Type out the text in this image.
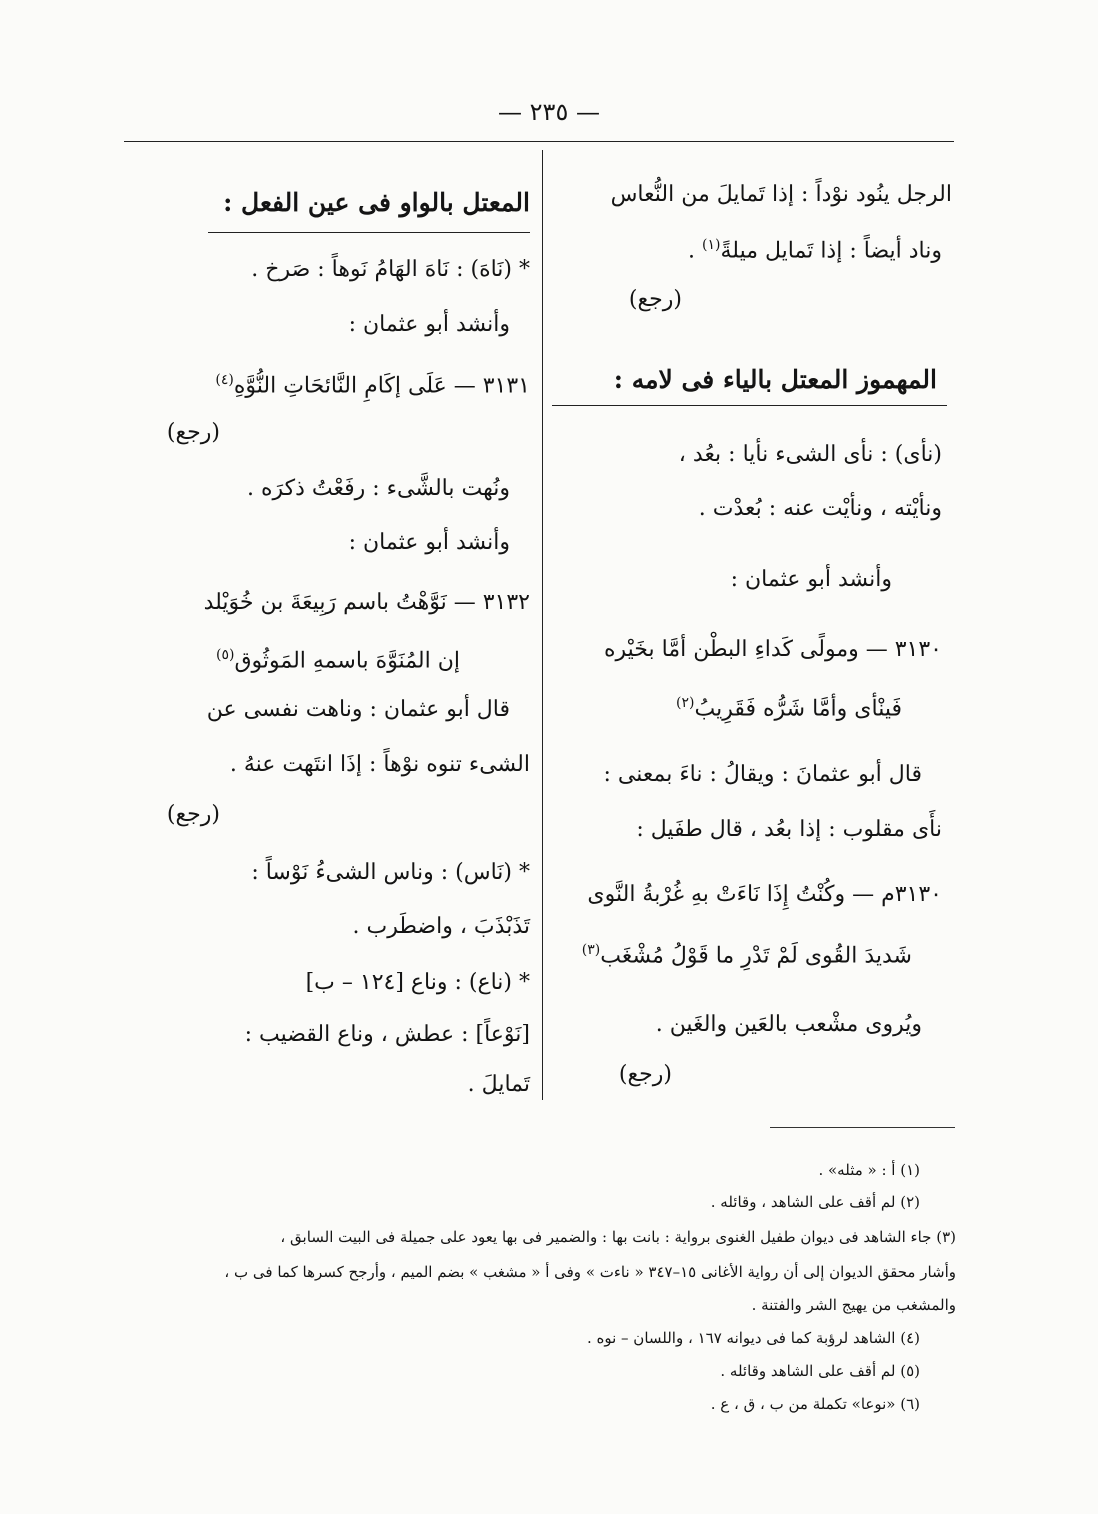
— ٢٣٥ —
الرجل ينُود نوْداً : إذا تَمايلَ من النُّعاس
وناد أيضاً : إذا تَمايل ميلةً$^{(١)}$ .
(رجع)
المهموز المعتل بالياء فى لامه :
(نأى) : نأى الشىء نأيا : بعُد ،
ونأيْته ، ونأيْت عنه : بُعدْت .
وأنشد أبو عثمان :
٣١٣٠ — ومولًى كَداءِ البطْن أمَّا بخَيْره
فَينْأى وأمَّا شَرُّه فَقَرِيبُ$^{(٢)}$
قال أبو عثمانَ : ويقالُ : ناءَ بمعنى :
نأَى مقلوب : إذا بعُد ، قال طفَيل :
٣١٣٠م — وكُنْتُ إِذَا نَاءَتْ بهِ غُرْبةُ النَّوى
شَديدَ القُوى لَمْ تَدْرِ ما قَوْلُ مُشْغَب$^{(٣)}$
ويُروى مشْعب بالعَين والغَين .
(رجع)
المعتل بالواو فى عين الفعل :
* (نَاهَ) : نَاهَ الهَامُ نَوهاً : صَرخ .
وأنشد أبو عثمان :
٣١٣١ — عَلَى إكَامِ النَّائحَاتِ النُّوَّهِ$^{(٤)}$
(رجع)
ونُهت بالشَّىء : رفَعْتُ ذكرَه .
وأنشد أبو عثمان :
٣١٣٢ — نَوَّهْتُ باسم رَبِيعَةَ بن خُوَيْلد
إن المُنَوَّهَ باسمهِ المَوثُوق$^{(٥)}$
قال أبو عثمان : وناهت نفسى عن
الشىء تنوه نوْهاً : إذَا انتَهت عنهُ .
(رجع)
* (نَاس) : وناس الشىءُ نَوْساً :
تَذَبْذَبَ ، واضطَرب .
* (ناع) : وناع [١٢٤ – ب]
[نَوْعاً] : عطش ، وناع القضيب :
تَمايلَ .
(١) أ : « مثله» .
(٢) لم أقف على الشاهد ، وقائله .
(٣) جاء الشاهد فى ديوان طفيل الغنوى برواية : بانت بها : والضمير فى بها يعود على جميلة فى البيت السابق ،
وأشار محقق الديوان إلى أن رواية الأغانى ١٥–٣٤٧ « ناءت » وفى أ « مشغب » بضم الميم ، وأرجح كسرها كما فى ب ،
والمشغب من يهيج الشر والفتنة .
(٤) الشاهد لرؤبة كما فى ديوانه ١٦٧ ، واللسان – نوه .
(٥) لم أقف على الشاهد وقائله .
(٦) «نوعا» تكملة من ب ، ق ، ع .
